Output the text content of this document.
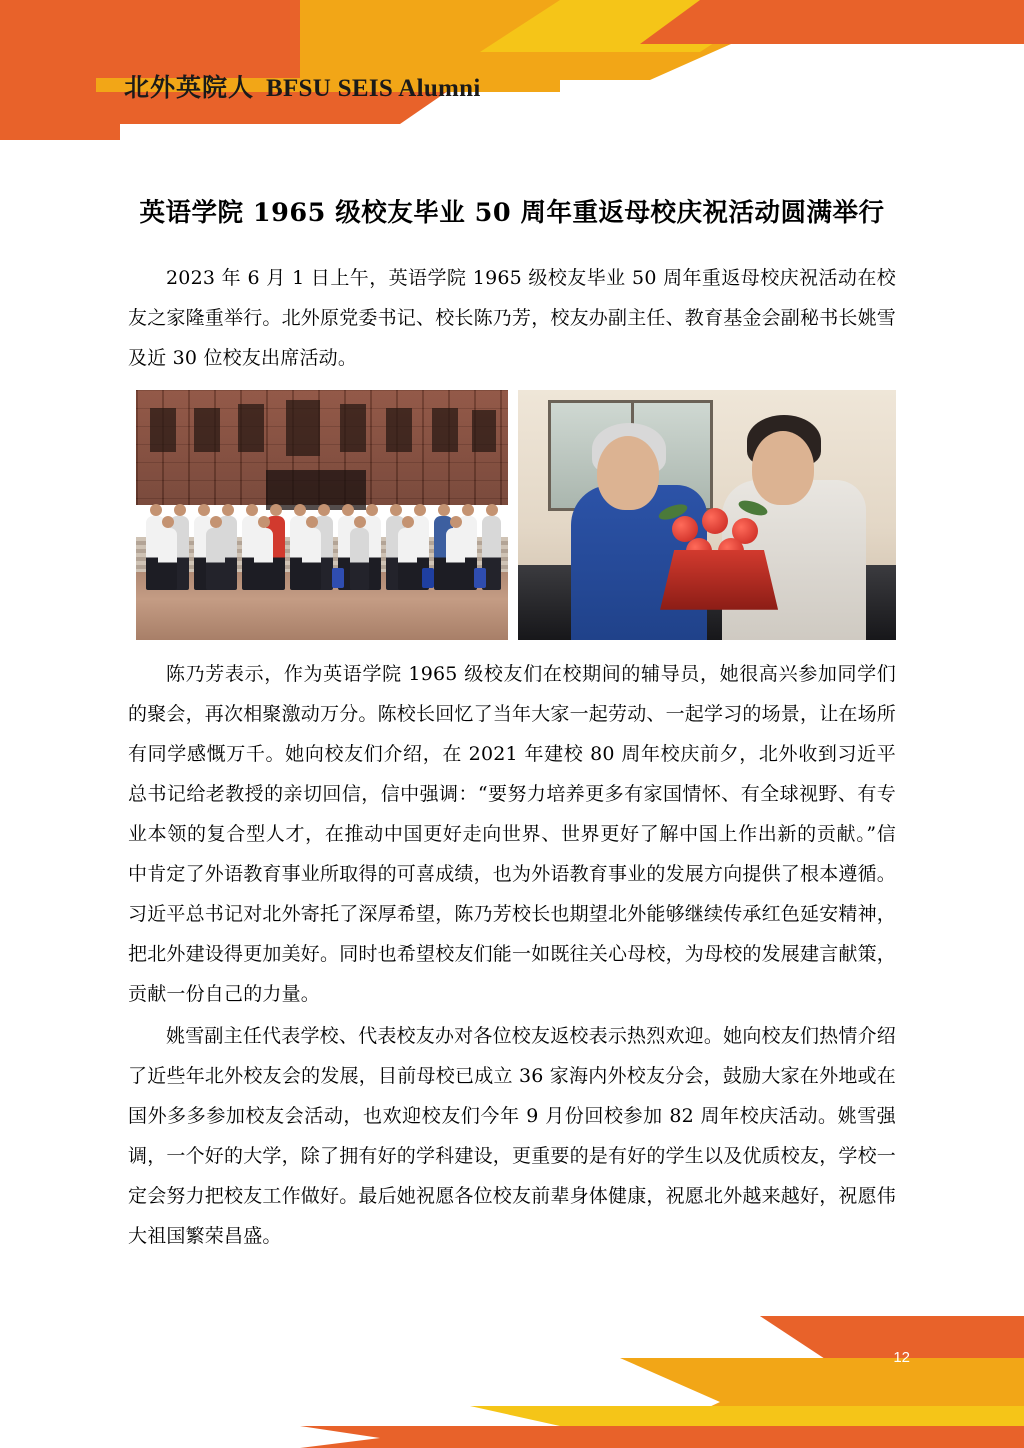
北外英院人 BFSU SEIS Alumni
英语学院 1965 级校友毕业 50 周年重返母校庆祝活动圆满举行

2023 年 6 月 1 日上午，英语学院 1965 级校友毕业 50 周年重返母校庆祝活动在校友之家隆重举行。北外原党委书记、校长陈乃芳，校友办副主任、教育基金会副秘书长姚雪及近 30 位校友出席活动。

陈乃芳表示，作为英语学院 1965 级校友们在校期间的辅导员，她很高兴参加同学们的聚会，再次相聚激动万分。陈校长回忆了当年大家一起劳动、一起学习的场景，让在场所有同学感慨万千。她向校友们介绍，在 2021 年建校 80 周年校庆前夕，北外收到习近平总书记给老教授的亲切回信，信中强调：“要努力培养更多有家国情怀、有全球视野、有专业本领的复合型人才，在推动中国更好走向世界、世界更好了解中国上作出新的贡献。”信中肯定了外语教育事业所取得的可喜成绩，也为外语教育事业的发展方向提供了根本遵循。习近平总书记对北外寄托了深厚希望，陈乃芳校长也期望北外能够继续传承红色延安精神，把北外建设得更加美好。同时也希望校友们能一如既往关心母校，为母校的发展建言献策，贡献一份自己的力量。

姚雪副主任代表学校、代表校友办对各位校友返校表示热烈欢迎。她向校友们热情介绍了近些年北外校友会的发展，目前母校已成立 36 家海内外校友分会，鼓励大家在外地或在国外多多参加校友会活动，也欢迎校友们今年 9 月份回校参加 82 周年校庆活动。姚雪强调，一个好的大学，除了拥有好的学科建设，更重要的是有好的学生以及优质校友，学校一定会努力把校友工作做好。最后她祝愿各位校友前辈身体健康，祝愿北外越来越好，祝愿伟大祖国繁荣昌盛。

12
